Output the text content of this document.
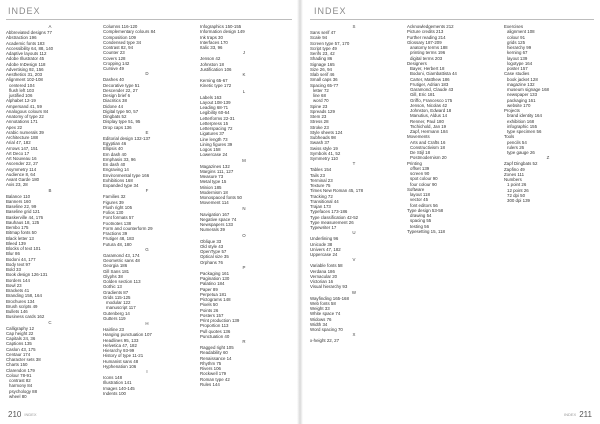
INDEX
A
Abbreviated designs 77
Abstraction 196
Academic fonts 183
Accessibility 64, 88, 140
Adaptive layouts 112
Adobe Illustrator 45
Adobe InDesign 118
Advertising 92, 156
Aesthetics 31, 203
Alignment 102-108
centered 104
flush left 103
justified 106
Alphabet 12-19
Ampersand 41, 59
Analogous colours 84
Anatomy of type 22
Annotations 171
Apex 22
Arabic numerals 39
Architecture 188
Arial 47, 182
Arrows 147, 151
Art Deco 17
Art Nouveau 16
Ascender 22, 27
Asymmetry 114
Audience 8, 64
Avant Garde 180
Axis 23, 28
B
Balance 110
Banners 160
Baseline 22, 99
Baseline grid 121
Baskerville 44, 176
Bauhaus 18, 125
Bembo 175
Bitmap fonts 50
Black letter 13
Bleed 139
Blocks of text 101
Blur 86
Bodoni 44, 177
Body text 97
Bold 33
Book design 126-131
Borders 144
Bowl 23
Brackets 41
Branding 158, 164
Brochures 134
Brush scripts 49
Bullets 146
Business cards 162
C
Calligraphy 12
Cap height 22
Capitals 24, 36
Captions 135
Caslon 43, 175
Centaur 174
Character sets 38
Charts 150
Clarendon 179
Colour 78-91
contrast 82
harmony 84
psychology 88
wheel 80
Columns 116-120
Complementary colours 84
Composition 109
Condensed type 34
Contrast 82, 94
Counter 23
Covers 128
Cropping 142
Cursive 49
D
Dashes 40
Decorative type 51
Descender 22, 27
Design brief 6
Diacritics 38
Didone 44
Digital type 50, 57
Dingbats 52
Display type 51, 95
Drop caps 136
E
Editorial design 132-137
Egyptian 46
Ellipsis 40
Em dash 40
Emphasis 33, 96
En dash 40
Engraving 14
Environmental type 166
Exhibitions 168
Expanded type 34
F
Families 32
Figures 39
Flush right 105
Folios 130
Font formats 57
Footnotes 138
Form and counterform 29
Fractions 39
Frutiger 48, 183
Futura 48, 180
G
Garamond 43, 174
Geometric sans 48
Georgia 186
Gill Sans 181
Glyphs 38
Golden section 113
Gothic 13
Gradients 87
Grids 115-125
modular 122
manuscript 117
Gutenberg 14
Gutters 119
H
Hairline 23
Hanging punctuation 107
Headlines 95, 133
Helvetica 47, 182
Hierarchy 93-99
History of type 11-21
Humanist sans 48
Hyphenation 106
I
Icons 148
Illustration 141
Images 140-145
Indents 100
Infographics 150-155
Information design 149
Ink traps 30
Interfaces 170
Italic 33, 96
J
Jenson 42
Johnston 18
Justification 106
K
Kerning 65-67
Kinetic type 172
L
Labels 163
Layout 108-139
Leading 68-71
Legibility 60-64
Letterforms 22-31
Letterpress 15
Letterspacing 72
Ligatures 37
Line length 73
Lining figures 39
Logos 158
Lowercase 24
M
Magazines 132
Margins 111, 127
Measure 73
Metal type 15
Minion 185
Modernism 18
Monospaced fonts 50
Movement 114
N
Navigation 167
Negative space 74
Newspapers 133
Numerals 39
O
Oblique 33
Old style 43
OpenType 57
Optical size 35
Orphans 76
P
Packaging 161
Pagination 130
Palatino 184
Paper 89
Perpetua 181
Pictograms 148
Pixels 50
Points 26
Posters 157
Print production 139
Proportion 113
Pull quotes 136
Punctuation 40
R
Ragged right 105
Readability 60
Renaissance 14
Rhythm 75
Rivers 106
Rockwell 179
Roman type 42
Rules 144
210 INDEX
INDEX
S
Sans serif 47
Scale 94
Screen type 57, 170
Script type 49
Serifs 23, 42
Shading 86
Signage 165
Size 26, 94
Slab serif 46
Small caps 36
Spacing 65-77
letter 72
line 68
word 70
Spine 23
Spreads 129
Stem 23
Stress 28
Stroke 23
Style sheets 124
Subheads 98
Swash 37
Swiss style 19
Symbols 41, 52
Symmetry 110
T
Tables 154
Tails 23
Terminal 23
Texture 75
Times New Roman 45, 178
Tracking 72
Transitional 44
Trajan 173
Typefaces 173-186
Type classification 42-52
Type measurement 26
Typewriter 17
U
Underlining 96
Unicode 38
Univers 47, 182
Uppercase 24
V
Variable fonts 58
Verdana 186
Vernacular 20
Victorian 16
Visual hierarchy 93
W
Wayfinding 165-168
Web fonts 58
Weight 33
White space 74
Widows 76
Width 34
Word spacing 70
X
x-height 22, 27
Acknowledgements 212
Picture credits 213
Further reading 214
Glossary 187-209
anatomy terms 188
printing terms 196
digital terms 203
Designers
Bayer, Herbert 18
Bodoni, Giambattista 44
Carter, Matthew 186
Frutiger, Adrian 183
Garamond, Claude 43
Gill, Eric 181
Griffo, Francesco 175
Jenson, Nicolas 42
Johnston, Edward 18
Manutius, Aldus 14
Renner, Paul 180
Tschichold, Jan 19
Zapf, Hermann 184
Movements
Arts and Crafts 16
Constructivism 18
De Stijl 18
Postmodernism 20
Printing
offset 139
screen 90
spot colour 90
four colour 90
Software
layout 118
vector 45
font editors 56
Type design 53-58
drawing 54
spacing 55
testing 56
Typesetting 15, 118
Exercises
alignment 108
colour 91
grids 125
hierarchy 99
kerning 67
layout 139
logotype 164
poster 157
Case studies
book jacket 128
magazine 132
museum signage 168
newspaper 133
packaging 161
website 170
Projects
brand identity 164
exhibition 168
infographic 155
type specimen 56
Tools
pencils 54
rulers 26
type gauge 26
Z
Zapf Dingbats 52
Zapfino 49
Zones 111
Numbers
1 point 26
12 point 26
72 dpi 50
300 dpi 139
INDEX 211
